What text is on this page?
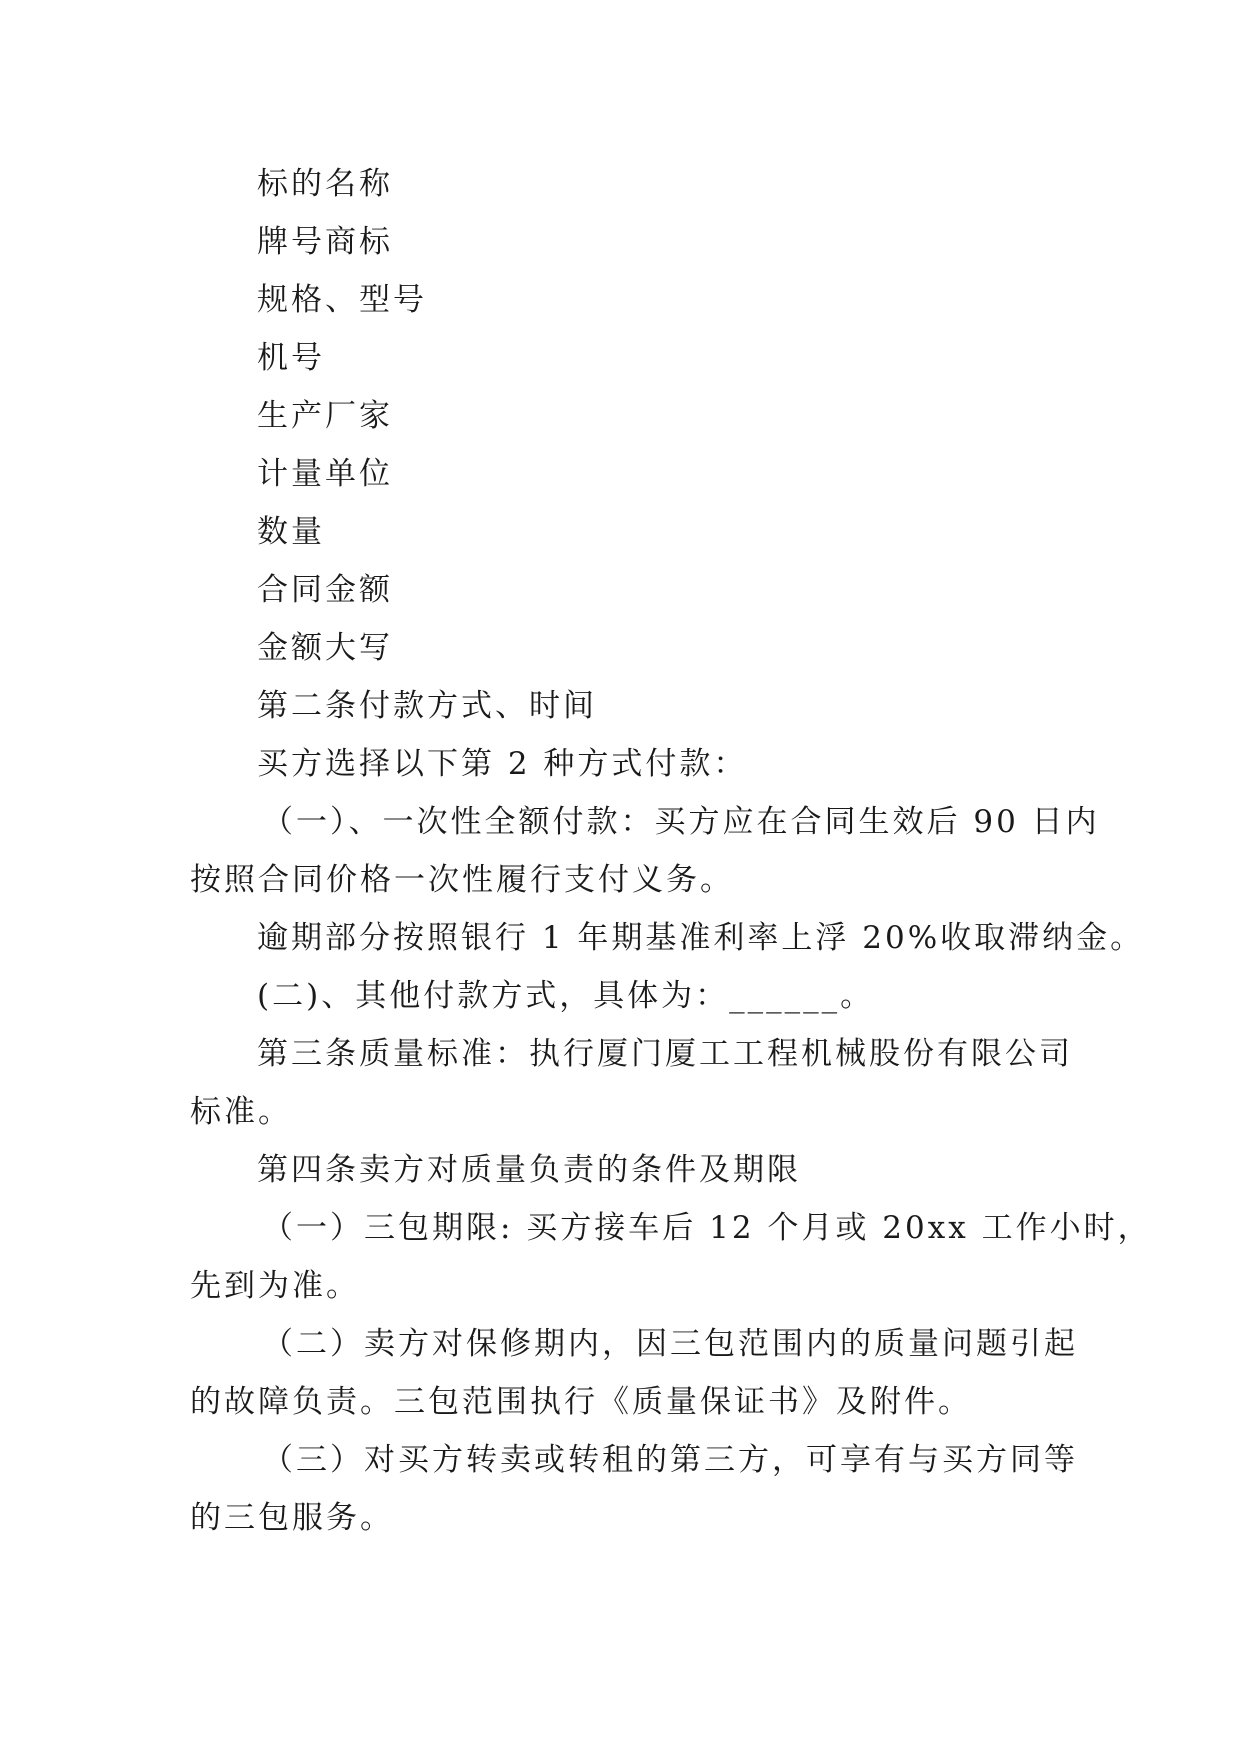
标的名称
牌号商标
规格、型号
机号
生产厂家
计量单位
数量
合同金额
金额大写
第二条付款方式、时间
买方选择以下第 2 种方式付款：
（一）、一次性全额付款：买方应在合同生效后 90 日内
按照合同价格一次性履行支付义务。
逾期部分按照银行 1 年期基准利率上浮 20%收取滞纳金。
(二)、其他付款方式，具体为：______。
第三条质量标准：执行厦门厦工工程机械股份有限公司
标准。
第四条卖方对质量负责的条件及期限
（一）三包期限: 买方接车后 12 个月或 20xx 工作小时，
先到为准。
（二）卖方对保修期内，因三包范围内的质量问题引起
的故障负责。三包范围执行《质量保证书》及附件。
（三）对买方转卖或转租的第三方，可享有与买方同等
的三包服务。
